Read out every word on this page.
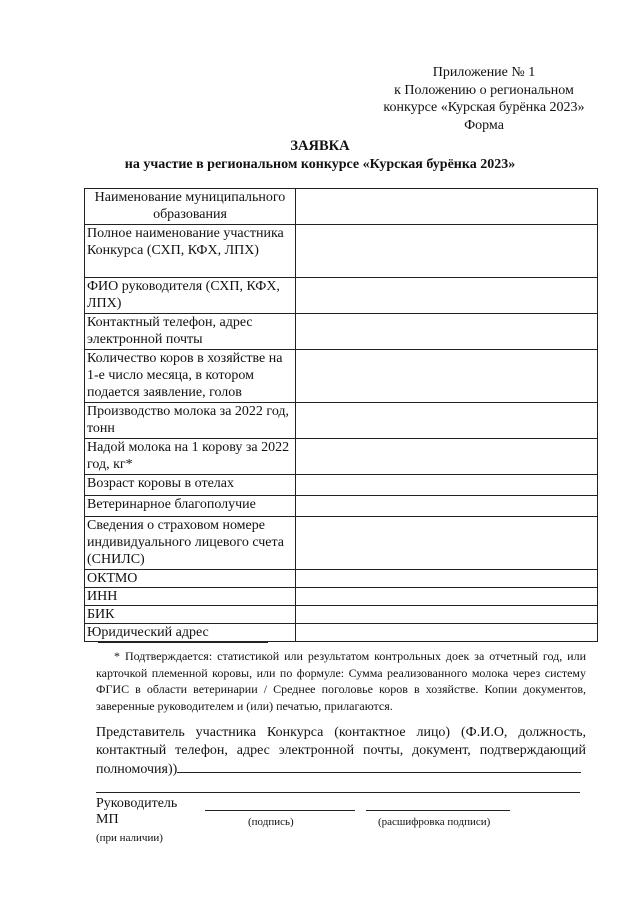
Приложение № 1
к Положению о региональном
конкурсе «Курская бурёнка 2023»
Форма
ЗАЯВКА
на участие в региональном конкурсе «Курская бурёнка 2023»
Наименование муниципального образования	
Полное наименование участника Конкурса (СХП, КФХ, ЛПХ)	
ФИО руководителя (СХП, КФХ, ЛПХ)	
Контактный телефон, адрес электронной почты	
Количество коров в хозяйстве на 1-е число месяца, в котором подается заявление, голов	
Производство молока за 2022 год, тонн	
Надой молока на 1 корову за 2022 год, кг*	
Возраст коровы в отелах	
Ветеринарное благополучие	
Сведения о страховом номере индивидуального лицевого счета (СНИЛС)	
ОКТМО	
ИНН	
БИК	
Юридический адрес	
* Подтверждается: статистикой или результатом контрольных доек за отчетный год, или карточкой племенной коровы, или по формуле: Сумма реализованного молока через систему ФГИС в области ветеринарии / Среднее поголовье коров в хозяйстве. Копии документов, заверенные руководителем и (или) печатью, прилагаются.
Представитель участника Конкурса (контактное лицо) (Ф.И.О, должность, контактный телефон, адрес электронной почты, документ, подтверждающий полномочия))
Руководитель
МП	(подпись)	(расшифровка подписи)
(при наличии)
